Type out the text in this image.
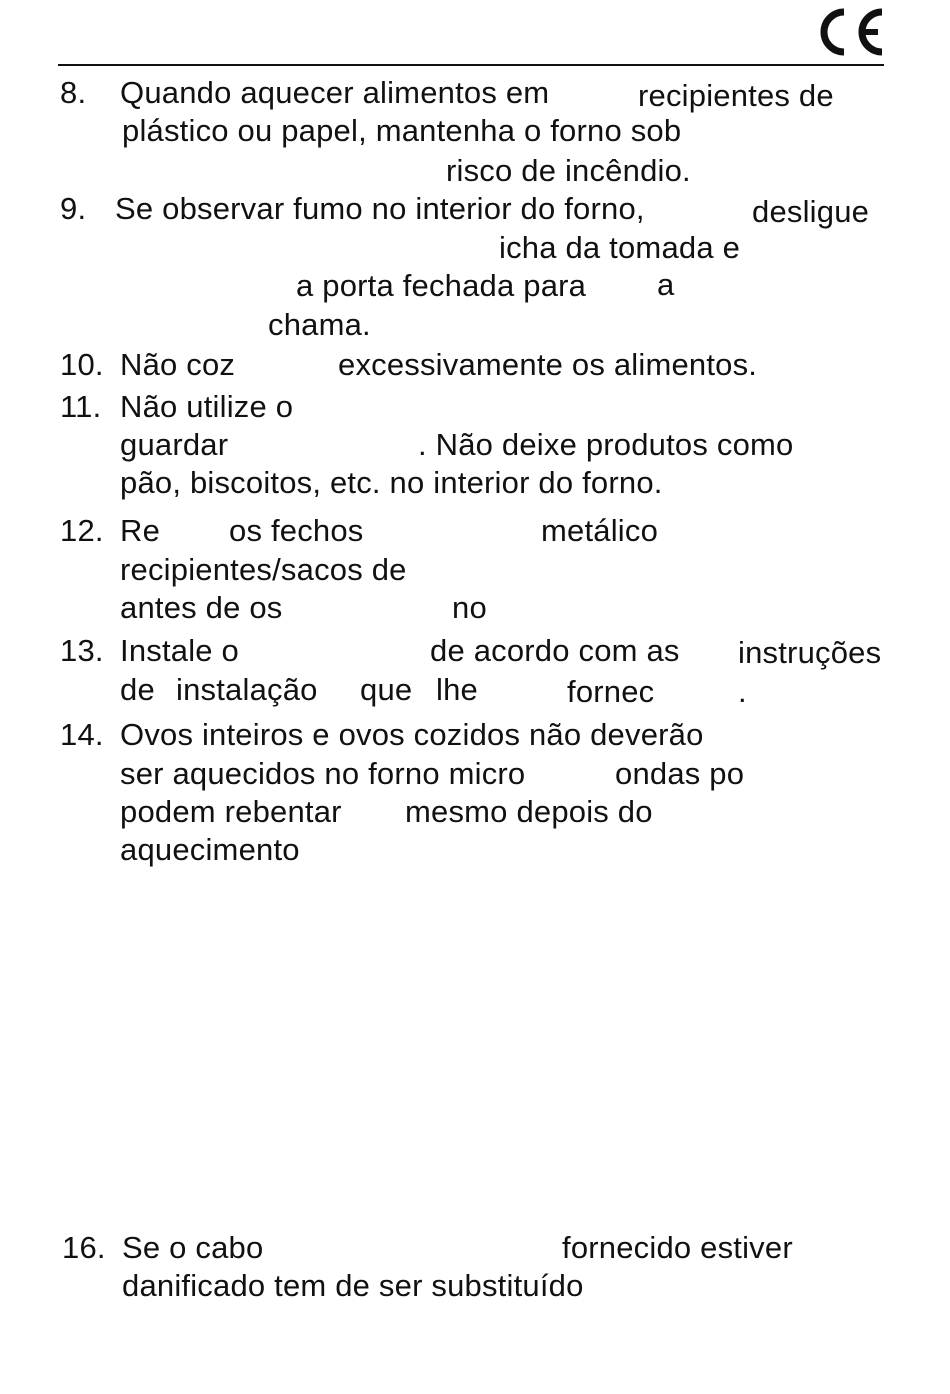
8. Quando aquecer alimentos em	recipientes de
plástico ou papel, mantenha o forno sob
risco de incêndio.
9. Se observar fumo no interior do forno,	desligue
icha da tomada e
a porta fechada para a
chama.
10. Não coz	excessivamente os alimentos.
11. Não utilize o
guardar	. Não deixe produtos como
pão, biscoitos, etc. no interior do forno.
12. Re os fechos	metálico
recipientes/sacos de
antes de os	no
13. Instale o	de acordo com as instruções
de instalação que lhe	fornec	.
14. Ovos inteiros e ovos cozidos não deverão
ser aquecidos no forno micro	ondas po
podem rebentar mesmo depois do
aquecimento
16. Se o cabo	fornecido estiver
danificado tem de ser substituído
